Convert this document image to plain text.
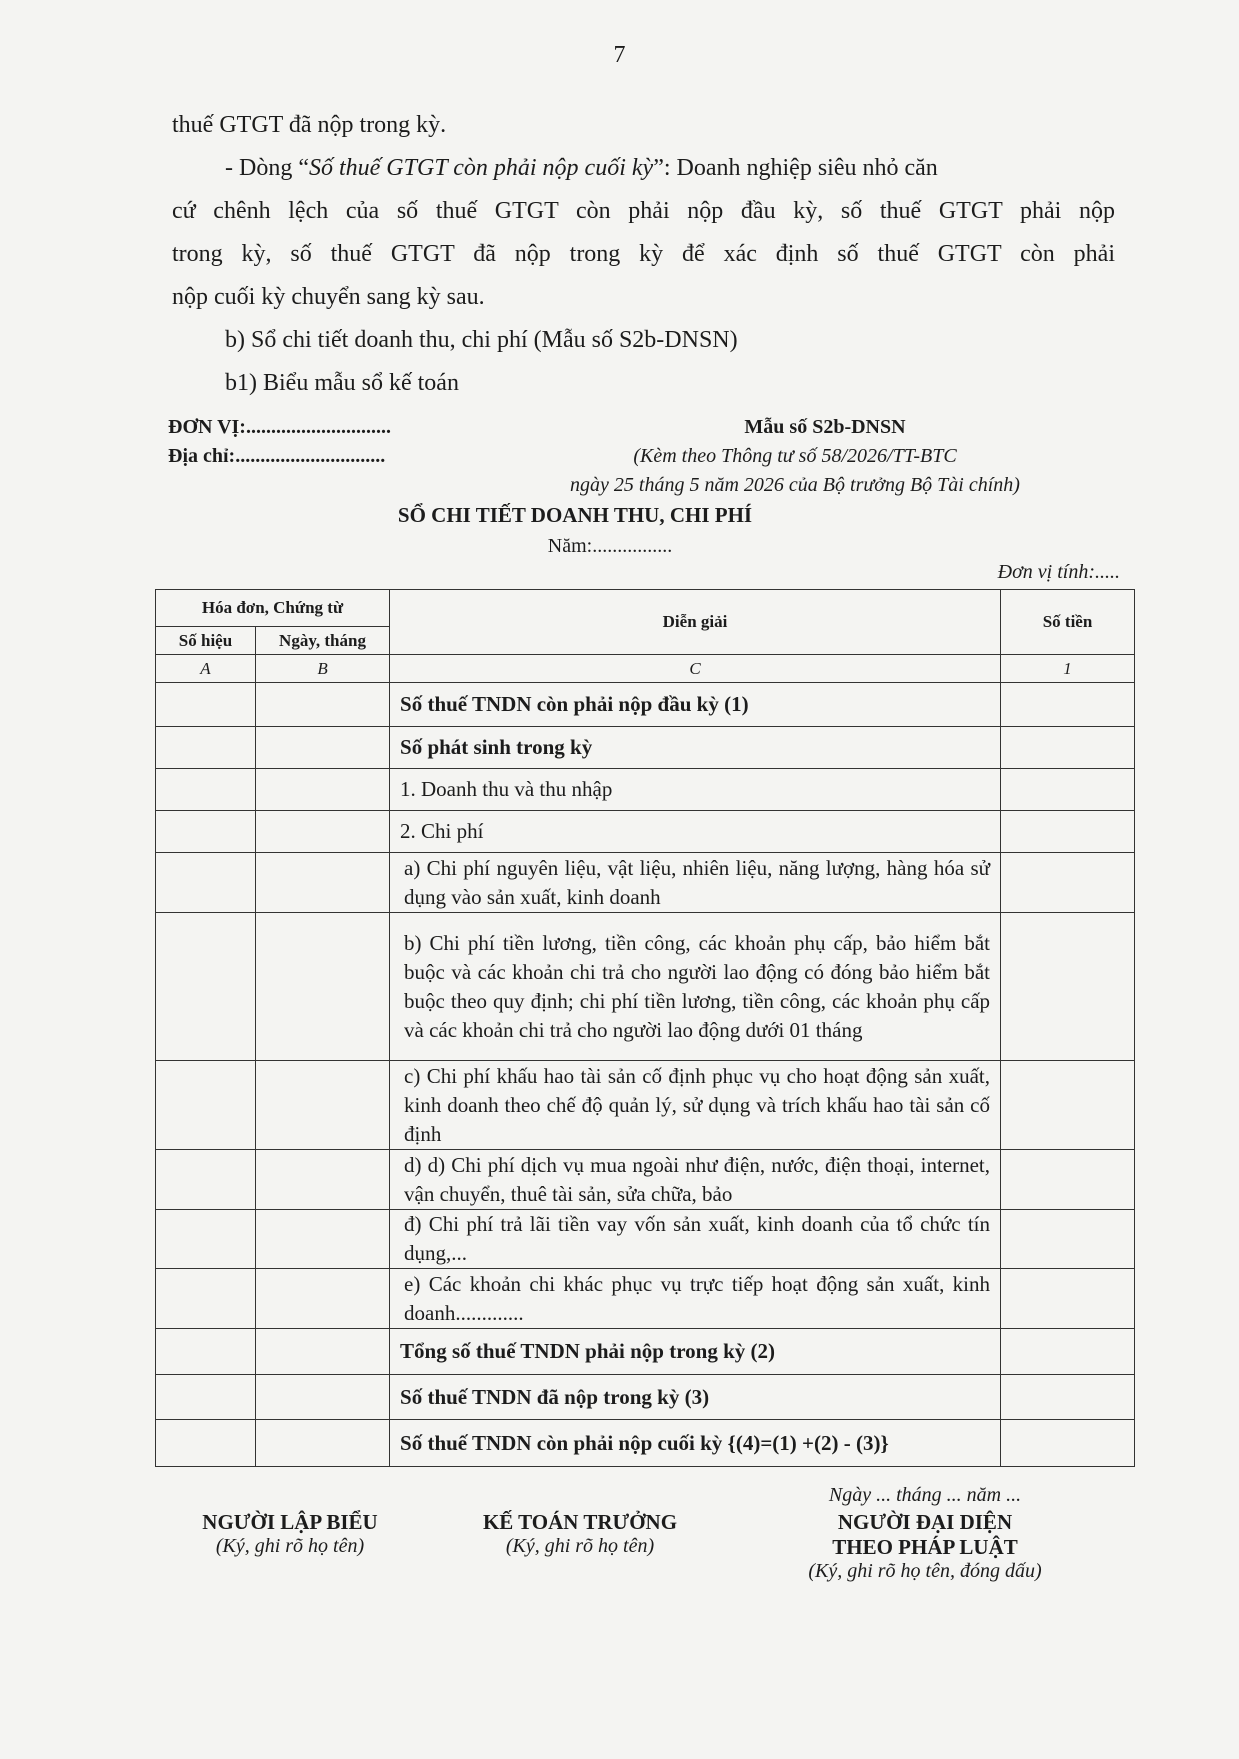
7
thuế GTGT đã nộp trong kỳ.
- Dòng “Số thuế GTGT còn phải nộp cuối kỳ”: Doanh nghiệp siêu nhỏ căn
cứ chênh lệch của số thuế GTGT còn phải nộp đầu kỳ, số thuế GTGT phải nộp
trong kỳ, số thuế GTGT đã nộp trong kỳ để xác định số thuế GTGT còn phải
nộp cuối kỳ chuyển sang kỳ sau.
b) Sổ chi tiết doanh thu, chi phí (Mẫu số S2b-DNSN)
b1) Biểu mẫu sổ kế toán
ĐƠN VỊ:.............................
Địa chỉ:..............................
Mẫu số S2b-DNSN
(Kèm theo Thông tư số 58/2026/TT-BTC
ngày 25 tháng 5 năm 2026 của Bộ trưởng Bộ Tài chính)
SỔ CHI TIẾT DOANH THU, CHI PHÍ
Năm:................
Đơn vị tính:.....
Hóa đơn, Chứng từ		Diễn giải	Số tiền
Số hiệu	Ngày, tháng		
A	B	C	1
		Số thuế TNDN còn phải nộp đầu kỳ (1)	
		Số phát sinh trong kỳ	
		1. Doanh thu và thu nhập	
		2. Chi phí	
		a) Chi phí nguyên liệu, vật liệu, nhiên liệu, năng lượng, hàng hóa sử dụng vào sản xuất, kinh doanh	
		b) Chi phí tiền lương, tiền công, các khoản phụ cấp, bảo hiểm bắt buộc và các khoản chi trả cho người lao động có đóng bảo hiểm bắt buộc theo quy định; chi phí tiền lương, tiền công, các khoản phụ cấp và các khoản chi trả cho người lao động dưới 01 tháng	
		c) Chi phí khấu hao tài sản cố định phục vụ cho hoạt động sản xuất, kinh doanh theo chế độ quản lý, sử dụng và trích khấu hao tài sản cố định	
		d) d) Chi phí dịch vụ mua ngoài như điện, nước, điện thoại, internet, vận chuyển, thuê tài sản, sửa chữa, bảo	
		đ) Chi phí trả lãi tiền vay vốn sản xuất, kinh doanh của tổ chức tín dụng,...	
		e) Các khoản chi khác phục vụ trực tiếp hoạt động sản xuất, kinh doanh.............	
		Tổng số thuế TNDN phải nộp trong kỳ (2)	
		Số thuế TNDN đã nộp trong kỳ (3)	
		Số thuế TNDN còn phải nộp cuối kỳ {(4)=(1) +(2) - (3)}	
Ngày ... tháng ... năm ...
NGƯỜI LẬP BIỂU
(Ký, ghi rõ họ tên)
KẾ TOÁN TRƯỞNG
(Ký, ghi rõ họ tên)
NGƯỜI ĐẠI DIỆN
THEO PHÁP LUẬT
(Ký, ghi rõ họ tên, đóng dấu)
